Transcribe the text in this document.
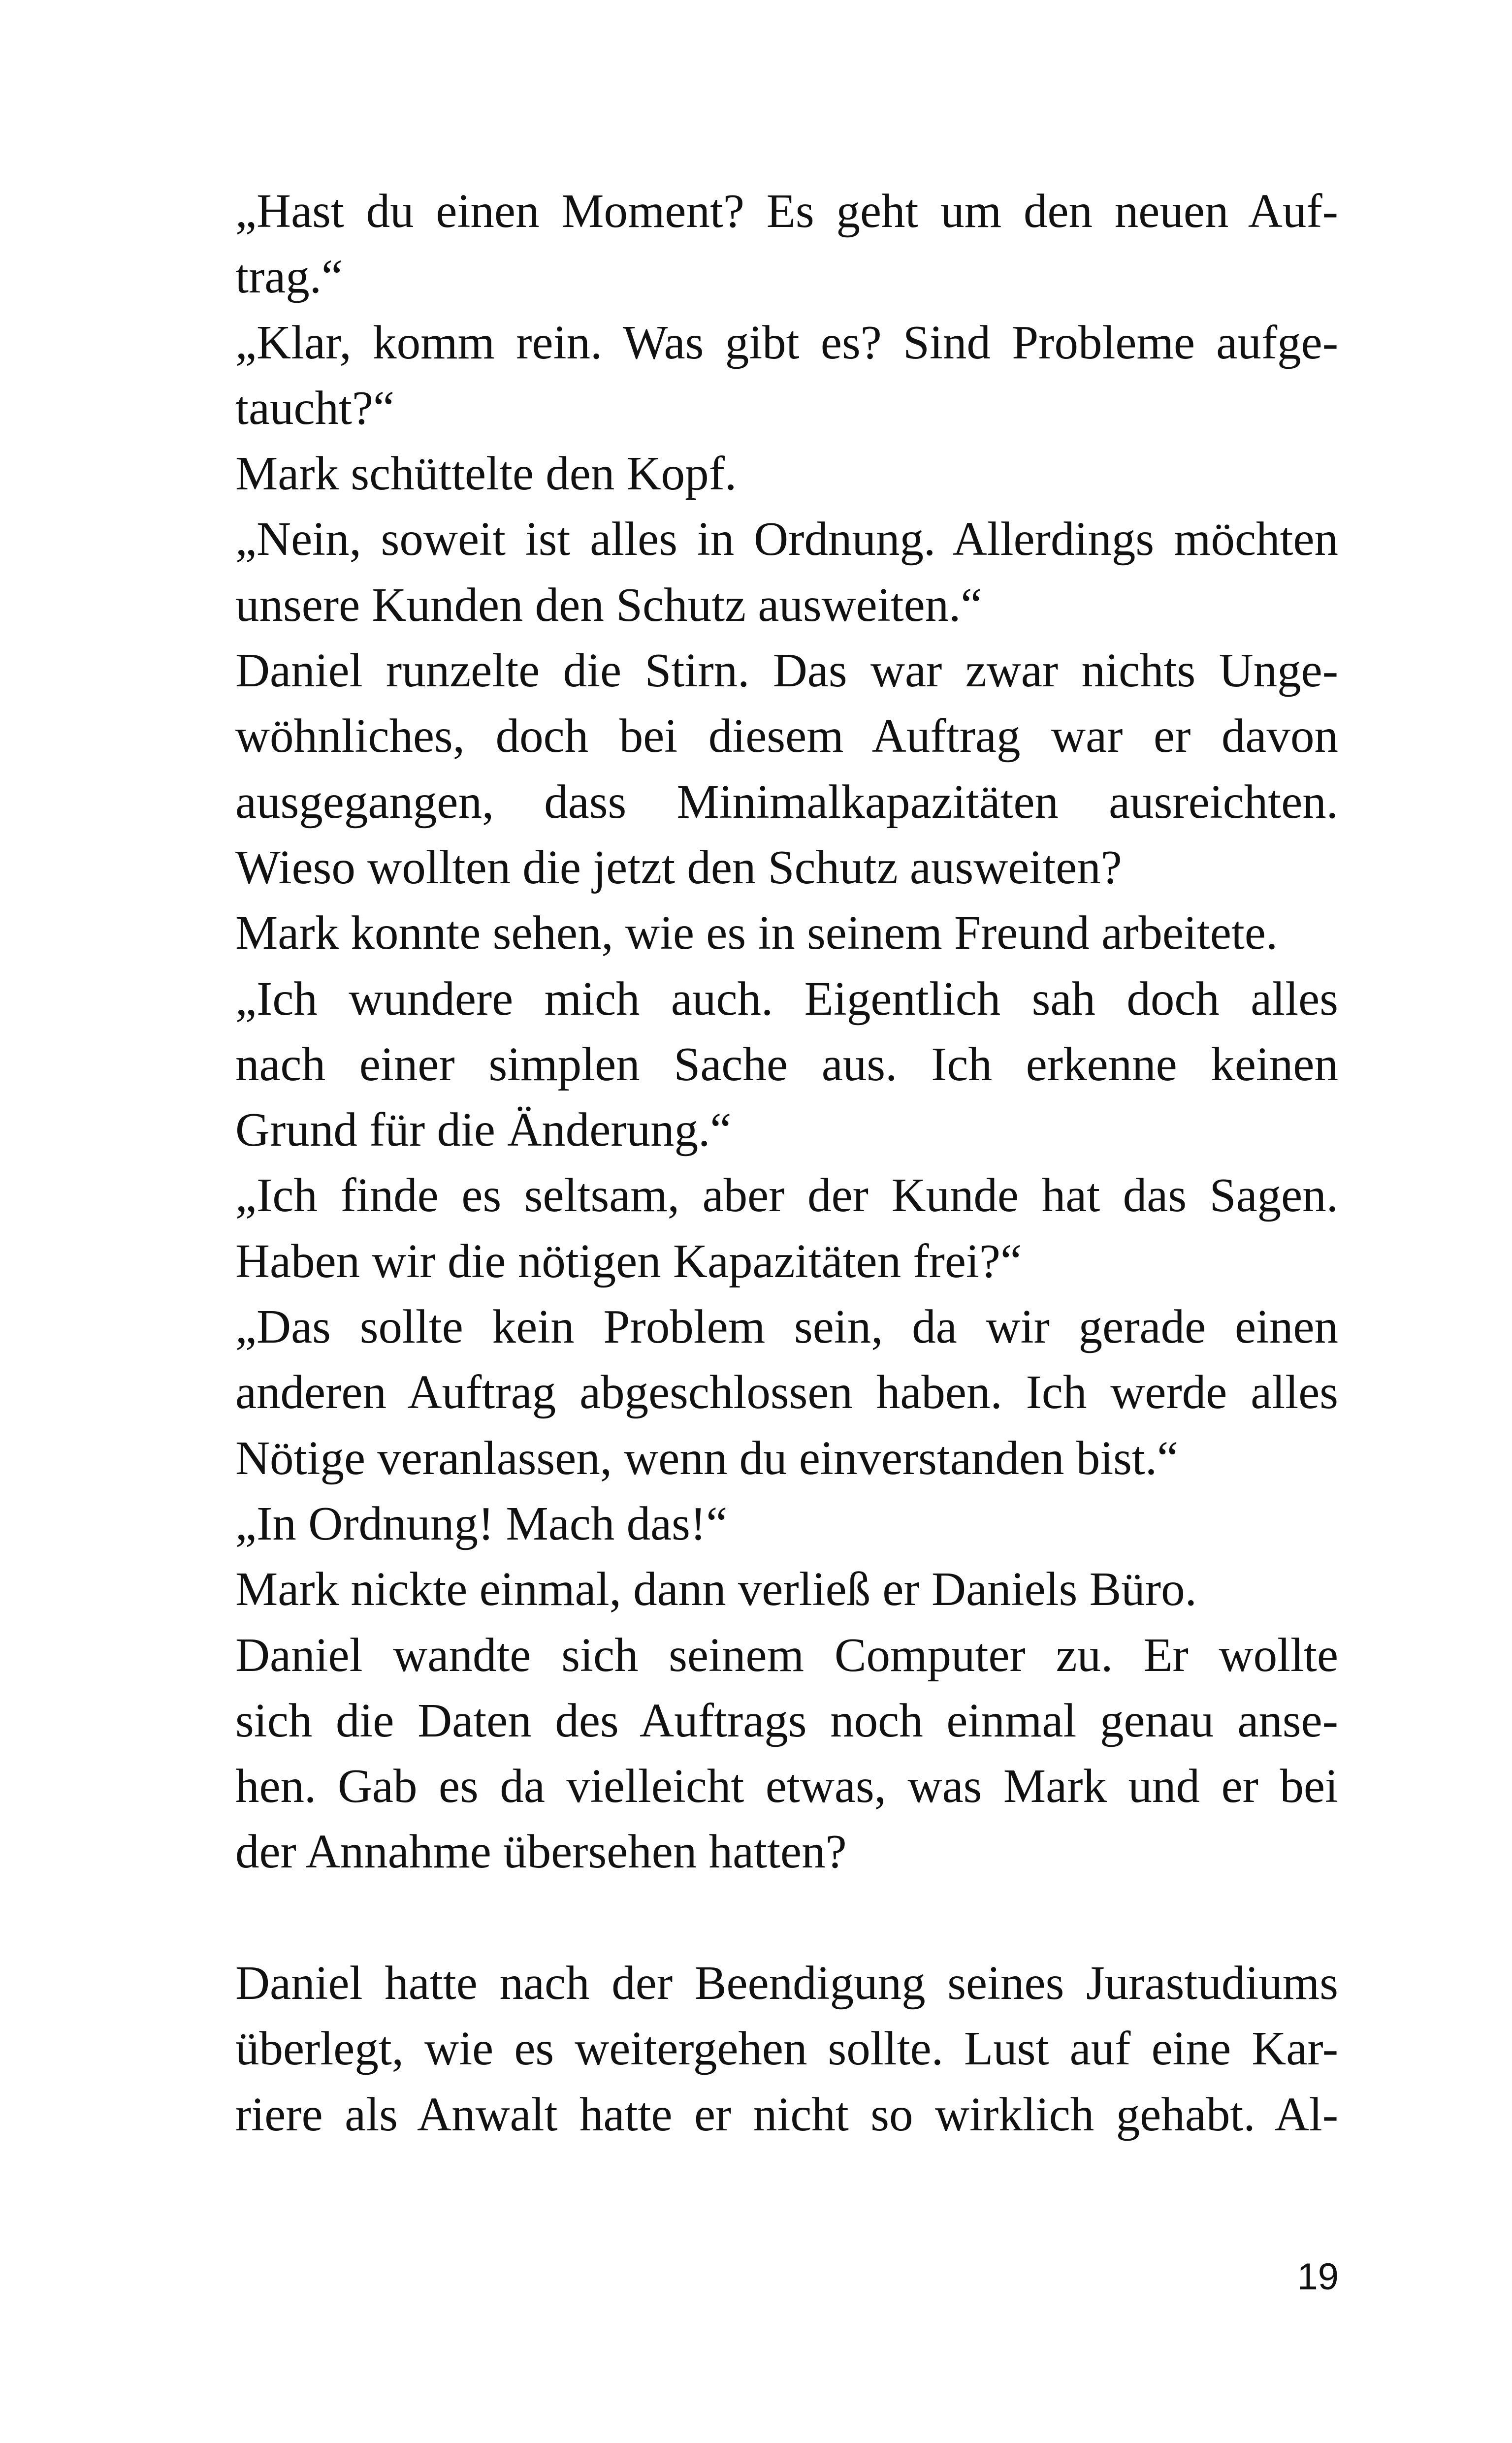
„Hast du einen Moment? Es geht um den neuen Auf-
trag.“
„Klar, komm rein. Was gibt es? Sind Probleme aufge-
taucht?“
Mark schüttelte den Kopf.
„Nein, soweit ist alles in Ordnung. Allerdings möchten
unsere Kunden den Schutz ausweiten.“
Daniel runzelte die Stirn. Das war zwar nichts Unge-
wöhnliches, doch bei diesem Auftrag war er davon
ausgegangen, dass Minimalkapazitäten ausreichten.
Wieso wollten die jetzt den Schutz ausweiten?
Mark konnte sehen, wie es in seinem Freund arbeitete.
„Ich wundere mich auch. Eigentlich sah doch alles
nach einer simplen Sache aus. Ich erkenne keinen
Grund für die Änderung.“
„Ich finde es seltsam, aber der Kunde hat das Sagen.
Haben wir die nötigen Kapazitäten frei?“
„Das sollte kein Problem sein, da wir gerade einen
anderen Auftrag abgeschlossen haben. Ich werde alles
Nötige veranlassen, wenn du einverstanden bist.“
„In Ordnung! Mach das!“
Mark nickte einmal, dann verließ er Daniels Büro.
Daniel wandte sich seinem Computer zu. Er wollte
sich die Daten des Auftrags noch einmal genau anse-
hen. Gab es da vielleicht etwas, was Mark und er bei
der Annahme übersehen hatten?
Daniel hatte nach der Beendigung seines Jurastudiums
überlegt, wie es weitergehen sollte. Lust auf eine Kar-
riere als Anwalt hatte er nicht so wirklich gehabt. Al-
19
